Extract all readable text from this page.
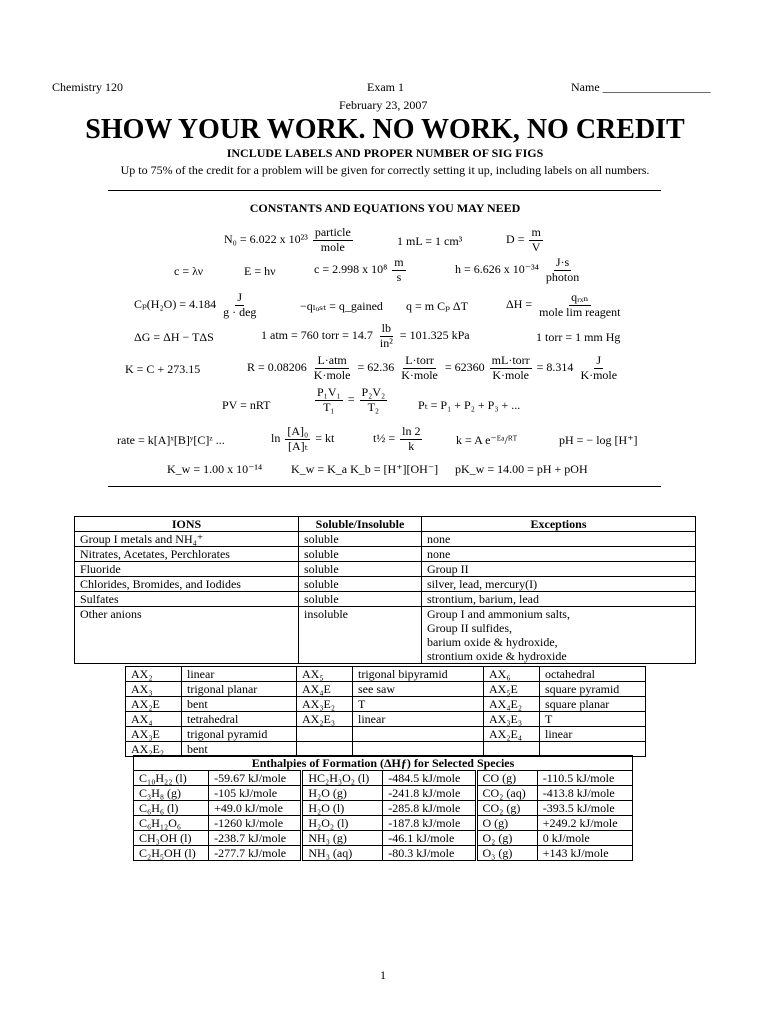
Chemistry 120	Exam 1	Name __________________
February 23, 2007
SHOW YOUR WORK. NO WORK, NO CREDIT
INCLUDE LABELS AND PROPER NUMBER OF SIG FIGS
Up to 75% of the credit for a problem will be given for correctly setting it up, including labels on all numbers.
CONSTANTS AND EQUATIONS YOU MAY NEED
N₀ = 6.022 x $10^{23} \frac{\text{particle}}{\text{mole}}$	1 mL = 1 cm³	$D = \frac{m}{V}$
c = λν	E = hν	c = 2.998 x $10^8 \frac{m}{s}$	h = 6.626 x $10^{-34} \frac{J\cdot s}{\text{photon}}$
$C_p(H_2O) = 4.184 \frac{J}{\text{g · deg}}$	−qₗₒₛₜ = q_gained q = m Cₚ ΔT	$\Delta H = \frac{\text{qᵣₓₙ}}{\text{mole lim reagent}}$
ΔG = ΔH − TΔS	1 atm = 760 torr = $14.7 \frac{lb}{\text{in²}} = 101.325$ kPa	1 torr = 1 mm Hg
K = C + 273.15	$R = 0.08206 \frac{\text{L·atm}}{\text{K·mole}} = 62.36 \frac{\text{L·torr}}{\text{K·mole}} = 62360 \frac{\text{mL·torr}}{\text{K·mole}} = 8.314 \frac{J}{\text{K·mole}}$
PV = nRT	$\frac{\text{P₁V₁}}{\text{T₁}} = \frac{\text{P₂V₂}}{\text{T₂}}$	Pₜ = P₁ + P₂ + P₃ + ...
rate = k[A]ˣ[B]ʸ[C]ᶻ ...	$\ln \frac{\text{[A]₀}}{\text{[A]ₜ}}$ = kt	t½ = $\frac{\ln 2}{k}$	k = A e⁻ᴱᵃ/ᴿᵀ	pH = − log [H⁺]
K_w = 1.00 x 10⁻¹⁴ K_w = K_a K_b = [H⁺][OH⁻] pK_w = 14.00 = pH + pOH
IONS	Soluble/Insoluble	Exceptions
Group I metals and NH₄⁺	soluble	none
Nitrates, Acetates, Perchlorates	soluble	none
Fluoride	soluble	Group II
Chlorides, Bromides, and Iodides	soluble	silver, lead, mercury(I)
Sulfates	soluble	strontium, barium, lead
Other anions	insoluble	Group I and ammonium salts,
Group II sulfides,
barium oxide & hydroxide,
strontium oxide & hydroxide
AX₂	linear	AX₅	trigonal bipyramid	AX₆	octahedral
AX₃	trigonal planar	AX₄E	see saw	AX₅E	square pyramid
AX₂E	bent	AX₃E₂	T	AX₄E₂	square planar
AX₄	tetrahedral	AX₂E₃	linear	AX₃E₃	T
AX₃E	trigonal pyramid			AX₂E₄	linear
AX₂E₂	bent				
Enthalpies of Formation (ΔHƒ) for Selected Species					
C₁₀H₂₂ (l)	-59.67 kJ/mole	HC₂H₃O₂ (l)	-484.5 kJ/mole	CO (g)	-110.5 kJ/mole
C₃H₈ (g)	-105 kJ/mole	H₂O (g)	-241.8 kJ/mole	CO₂ (aq)	-413.8 kJ/mole
C₆H₆ (l)	+49.0 kJ/mole	H₂O (l)	-285.8 kJ/mole	CO₂ (g)	-393.5 kJ/mole
C₆H₁₂O₆	-1260 kJ/mole	H₂O₂ (l)	-187.8 kJ/mole	O (g)	+249.2 kJ/mole
CH₃OH (l)	-238.7 kJ/mole	NH₃ (g)	-46.1 kJ/mole	O₂ (g)	0 kJ/mole
C₂H₅OH (l)	-277.7 kJ/mole	NH₃ (aq)	-80.3 kJ/mole	O₃ (g)	+143 kJ/mole
1
